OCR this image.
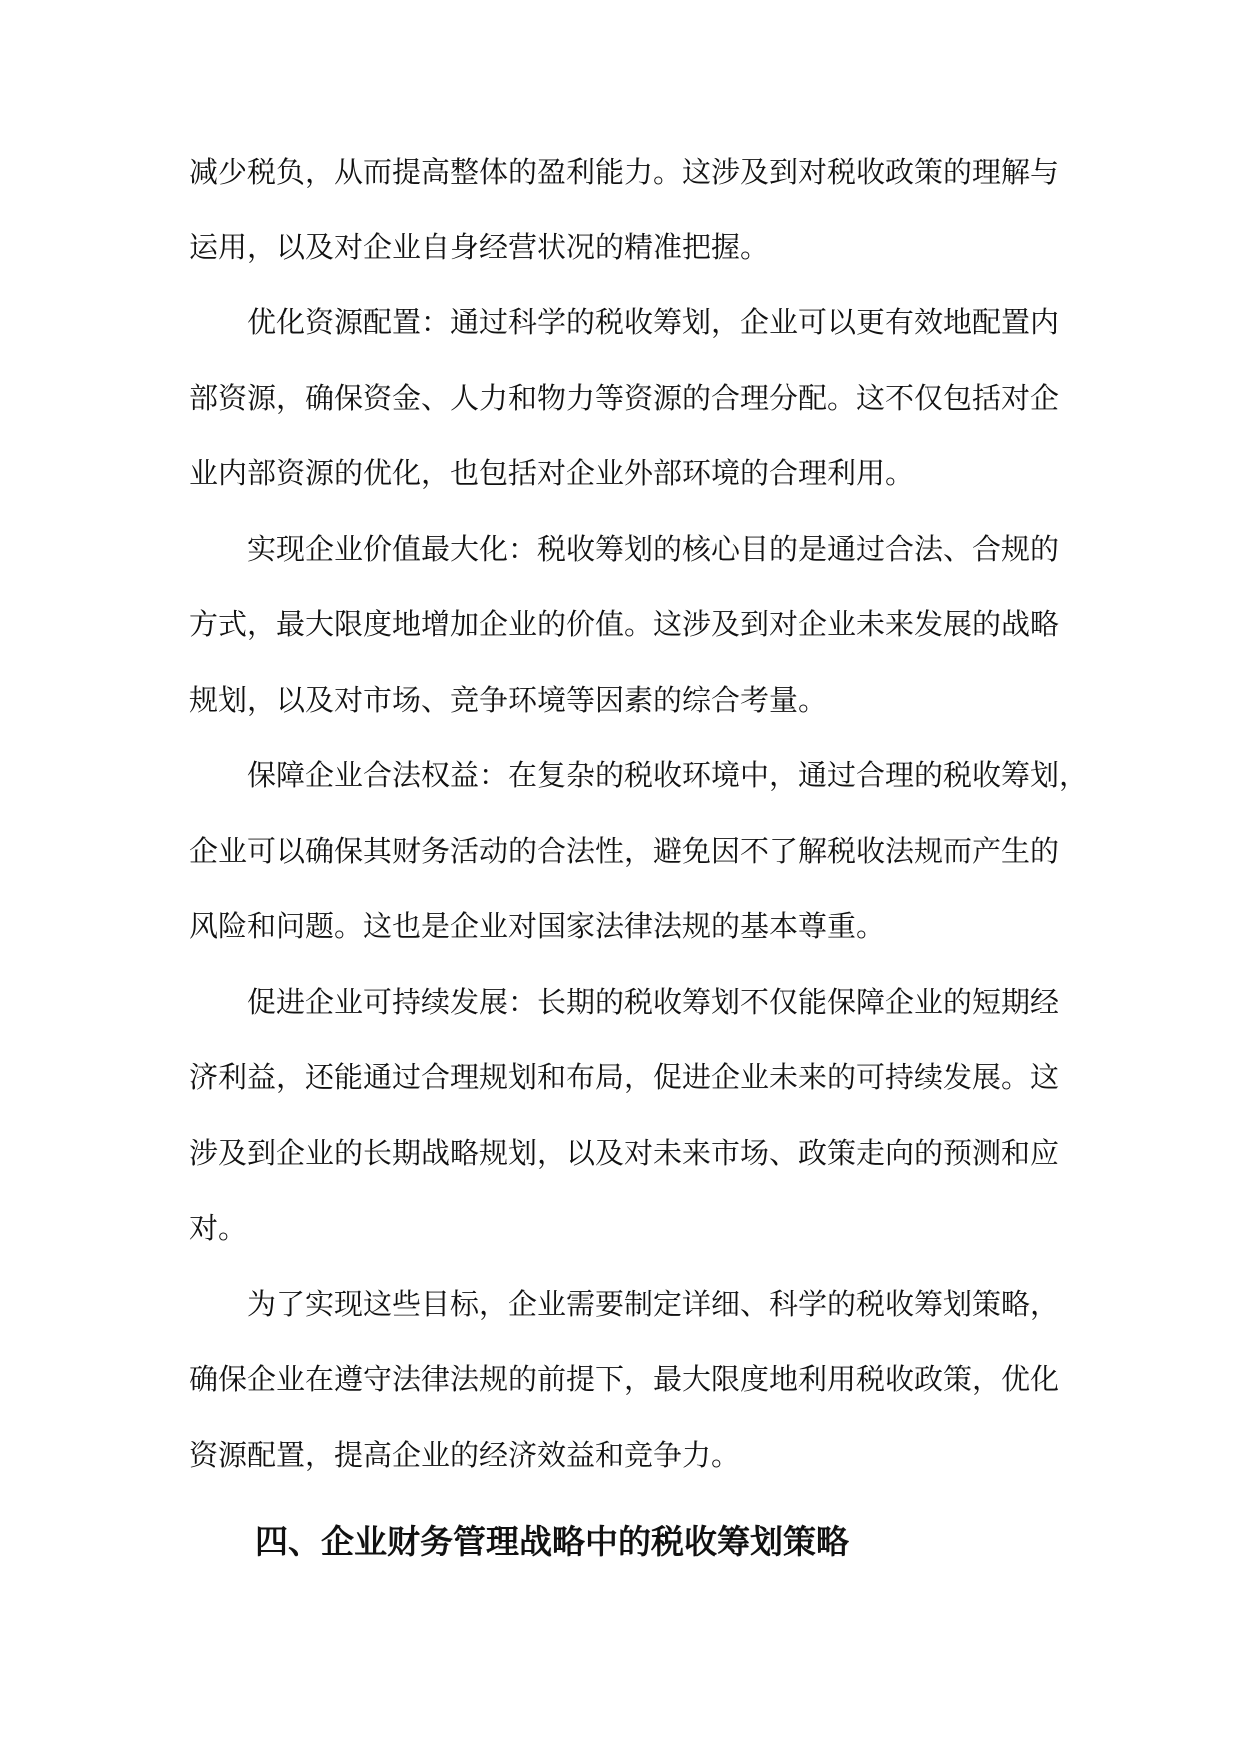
减少税负，从而提高整体的盈利能力。这涉及到对税收政策的理解与

运用，以及对企业自身经营状况的精准把握。

优化资源配置：通过科学的税收筹划，企业可以更有效地配置内

部资源，确保资金、人力和物力等资源的合理分配。这不仅包括对企

业内部资源的优化，也包括对企业外部环境的合理利用。

实现企业价值最大化：税收筹划的核心目的是通过合法、合规的

方式，最大限度地增加企业的价值。这涉及到对企业未来发展的战略

规划，以及对市场、竞争环境等因素的综合考量。

保障企业合法权益：在复杂的税收环境中，通过合理的税收筹划，

企业可以确保其财务活动的合法性，避免因不了解税收法规而产生的

风险和问题。这也是企业对国家法律法规的基本尊重。

促进企业可持续发展：长期的税收筹划不仅能保障企业的短期经

济利益，还能通过合理规划和布局，促进企业未来的可持续发展。这

涉及到企业的长期战略规划，以及对未来市场、政策走向的预测和应

对。

为了实现这些目标，企业需要制定详细、科学的税收筹划策略，

确保企业在遵守法律法规的前提下，最大限度地利用税收政策，优化

资源配置，提高企业的经济效益和竞争力。

四、企业财务管理战略中的税收筹划策略
